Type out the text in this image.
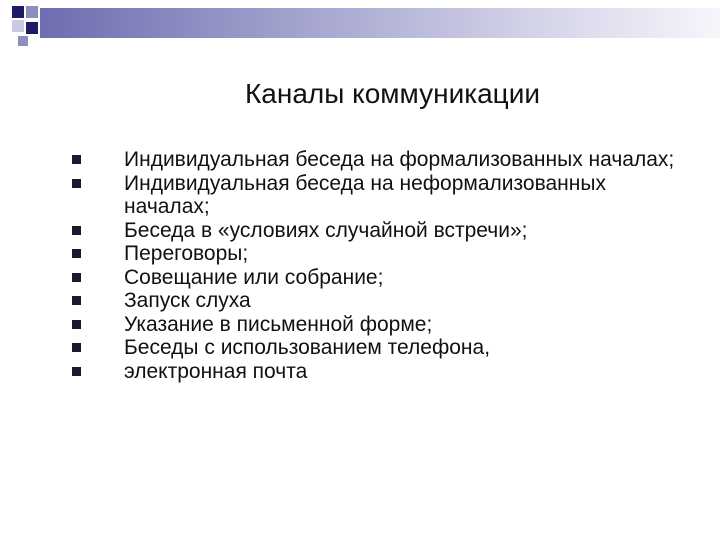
Каналы коммуникации
Индивидуальная беседа на формализованных началах;
Индивидуальная беседа на неформализованных началах;
Беседа в «условиях случайной встречи»;
Переговоры;
Совещание или собрание;
Запуск слуха
Указание в письменной форме;
Беседы с использованием телефона,
электронная почта
